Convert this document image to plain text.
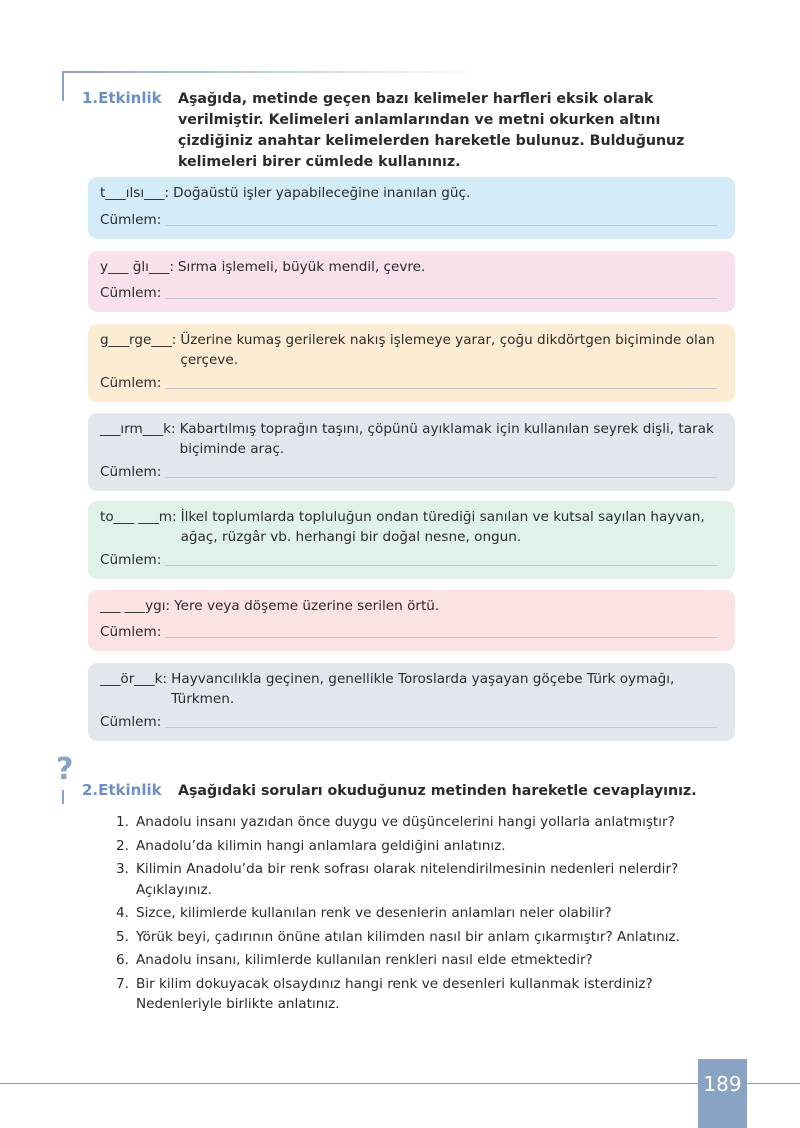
1.Etkinlik Aşağıda, metinde geçen bazı kelimeler harfleri eksik olarak verilmiştir. Kelimeleri anlamlarından ve metni okurken altını çizdiğiniz anahtar kelimelerden hareketle bulunuz. Bulduğunuz kelimeleri birer cümlede kullanınız.
t___ılsı___: Doğaüstü işler yapabileceğine inanılan güç.
Cümlem:
y___ ğlı___: Sırma işlemeli, büyük mendil, çevre.
Cümlem:
g___rge___: Üzerine kumaş gerilerek nakış işlemeye yarar, çoğu dikdörtgen biçiminde olan çerçeve.
Cümlem:
___ırm___k: Kabartılmış toprağın taşını, çöpünü ayıklamak için kullanılan seyrek dişli, tarak biçiminde araç.
Cümlem:
to___ ___m: İlkel toplumlarda topluluğun ondan türediği sanılan ve kutsal sayılan hayvan, ağaç, rüzgâr vb. herhangi bir doğal nesne, ongun.
Cümlem:
___ ___ygı: Yere veya döşeme üzerine serilen örtü.
Cümlem:
___ör___k: Hayvancılıkla geçinen, genellikle Toroslarda yaşayan göçebe Türk oymağı, Türkmen.
Cümlem:
?
2.Etkinlik Aşağıdaki soruları okuduğunuz metinden hareketle cevaplayınız.
1. Anadolu insanı yazıdan önce duygu ve düşüncelerini hangi yollarla anlatmıştır?
2. Anadolu’da kilimin hangi anlamlara geldiğini anlatınız.
3. Kilimin Anadolu’da bir renk sofrası olarak nitelendirilmesinin nedenleri nelerdir? Açıklayınız.
4. Sizce, kilimlerde kullanılan renk ve desenlerin anlamları neler olabilir?
5. Yörük beyi, çadırının önüne atılan kilimden nasıl bir anlam çıkarmıştır? Anlatınız.
6. Anadolu insanı, kilimlerde kullanılan renkleri nasıl elde etmektedir?
7. Bir kilim dokuyacak olsaydınız hangi renk ve desenleri kullanmak isterdiniz? Nedenleriyle birlikte anlatınız.
189
